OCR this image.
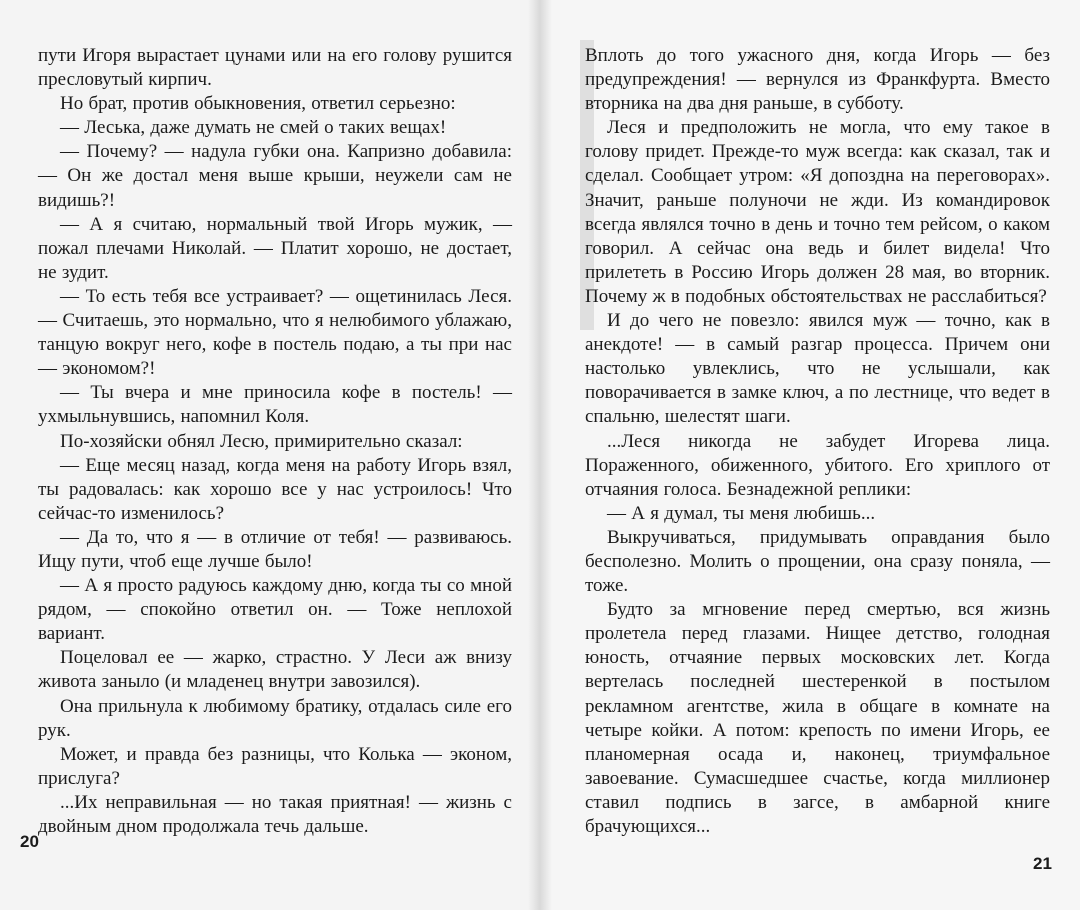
пути Игоря вырастает цунами или на его голову рушится пресловутый кирпич.

Но брат, против обыкновения, ответил серьезно:

— Леська, даже думать не смей о таких вещах!

— Почему? — надула губки она. Капризно добавила: — Он же достал меня выше крыши, неужели сам не видишь?!

— А я считаю, нормальный твой Игорь мужик, — пожал плечами Николай. — Платит хорошо, не достает, не зудит.

— То есть тебя все устраивает? — ощетинилась Леся. — Считаешь, это нормально, что я нелюбимого ублажаю, танцую вокруг него, кофе в постель подаю, а ты при нас — экономом?!

— Ты вчера и мне приносила кофе в постель! — ухмыльнувшись, напомнил Коля.

По-хозяйски обнял Лесю, примирительно сказал:

— Еще месяц назад, когда меня на работу Игорь взял, ты радовалась: как хорошо все у нас устроилось! Что сейчас-то изменилось?

— Да то, что я — в отличие от тебя! — развиваюсь. Ищу пути, чтоб еще лучше было!

— А я просто радуюсь каждому дню, когда ты со мной рядом, — спокойно ответил он. — Тоже неплохой вариант.

Поцеловал ее — жарко, страстно. У Леси аж внизу живота заныло (и младенец внутри завозился).

Она прильнула к любимому братику, отдалась силе его рук.

Может, и правда без разницы, что Колька — эконом, прислуга?

...Их неправильная — но такая приятная! — жизнь с двойным дном продолжала течь дальше.

20

Вплоть до того ужасного дня, когда Игорь — без предупреждения! — вернулся из Франкфурта. Вместо вторника на два дня раньше, в субботу.

Леся и предположить не могла, что ему такое в голову придет. Прежде-то муж всегда: как сказал, так и сделал. Сообщает утром: «Я допоздна на переговорах». Значит, раньше полуночи не жди. Из командировок всегда являлся точно в день и точно тем рейсом, о каком говорил. А сейчас она ведь и билет видела! Что прилететь в Россию Игорь должен 28 мая, во вторник. Почему ж в подобных обстоятельствах не расслабиться?

И до чего не повезло: явился муж — точно, как в анекдоте! — в самый разгар процесса. Причем они настолько увлеклись, что не услышали, как поворачивается в замке ключ, а по лестнице, что ведет в спальню, шелестят шаги.

...Леся никогда не забудет Игорева лица. Пораженного, обиженного, убитого. Его хриплого от отчаяния голоса. Безнадежной реплики:

— А я думал, ты меня любишь...

Выкручиваться, придумывать оправдания было бесполезно. Молить о прощении, она сразу поняла, — тоже.

Будто за мгновение перед смертью, вся жизнь пролетела перед глазами. Нищее детство, голодная юность, отчаяние первых московских лет. Когда вертелась последней шестеренкой в постылом рекламном агентстве, жила в общаге в комнате на четыре койки. А потом: крепость по имени Игорь, ее планомерная осада и, наконец, триумфальное завоевание. Сумасшедшее счастье, когда миллионер ставил подпись в загсе, в амбарной книге брачующихся...

21
